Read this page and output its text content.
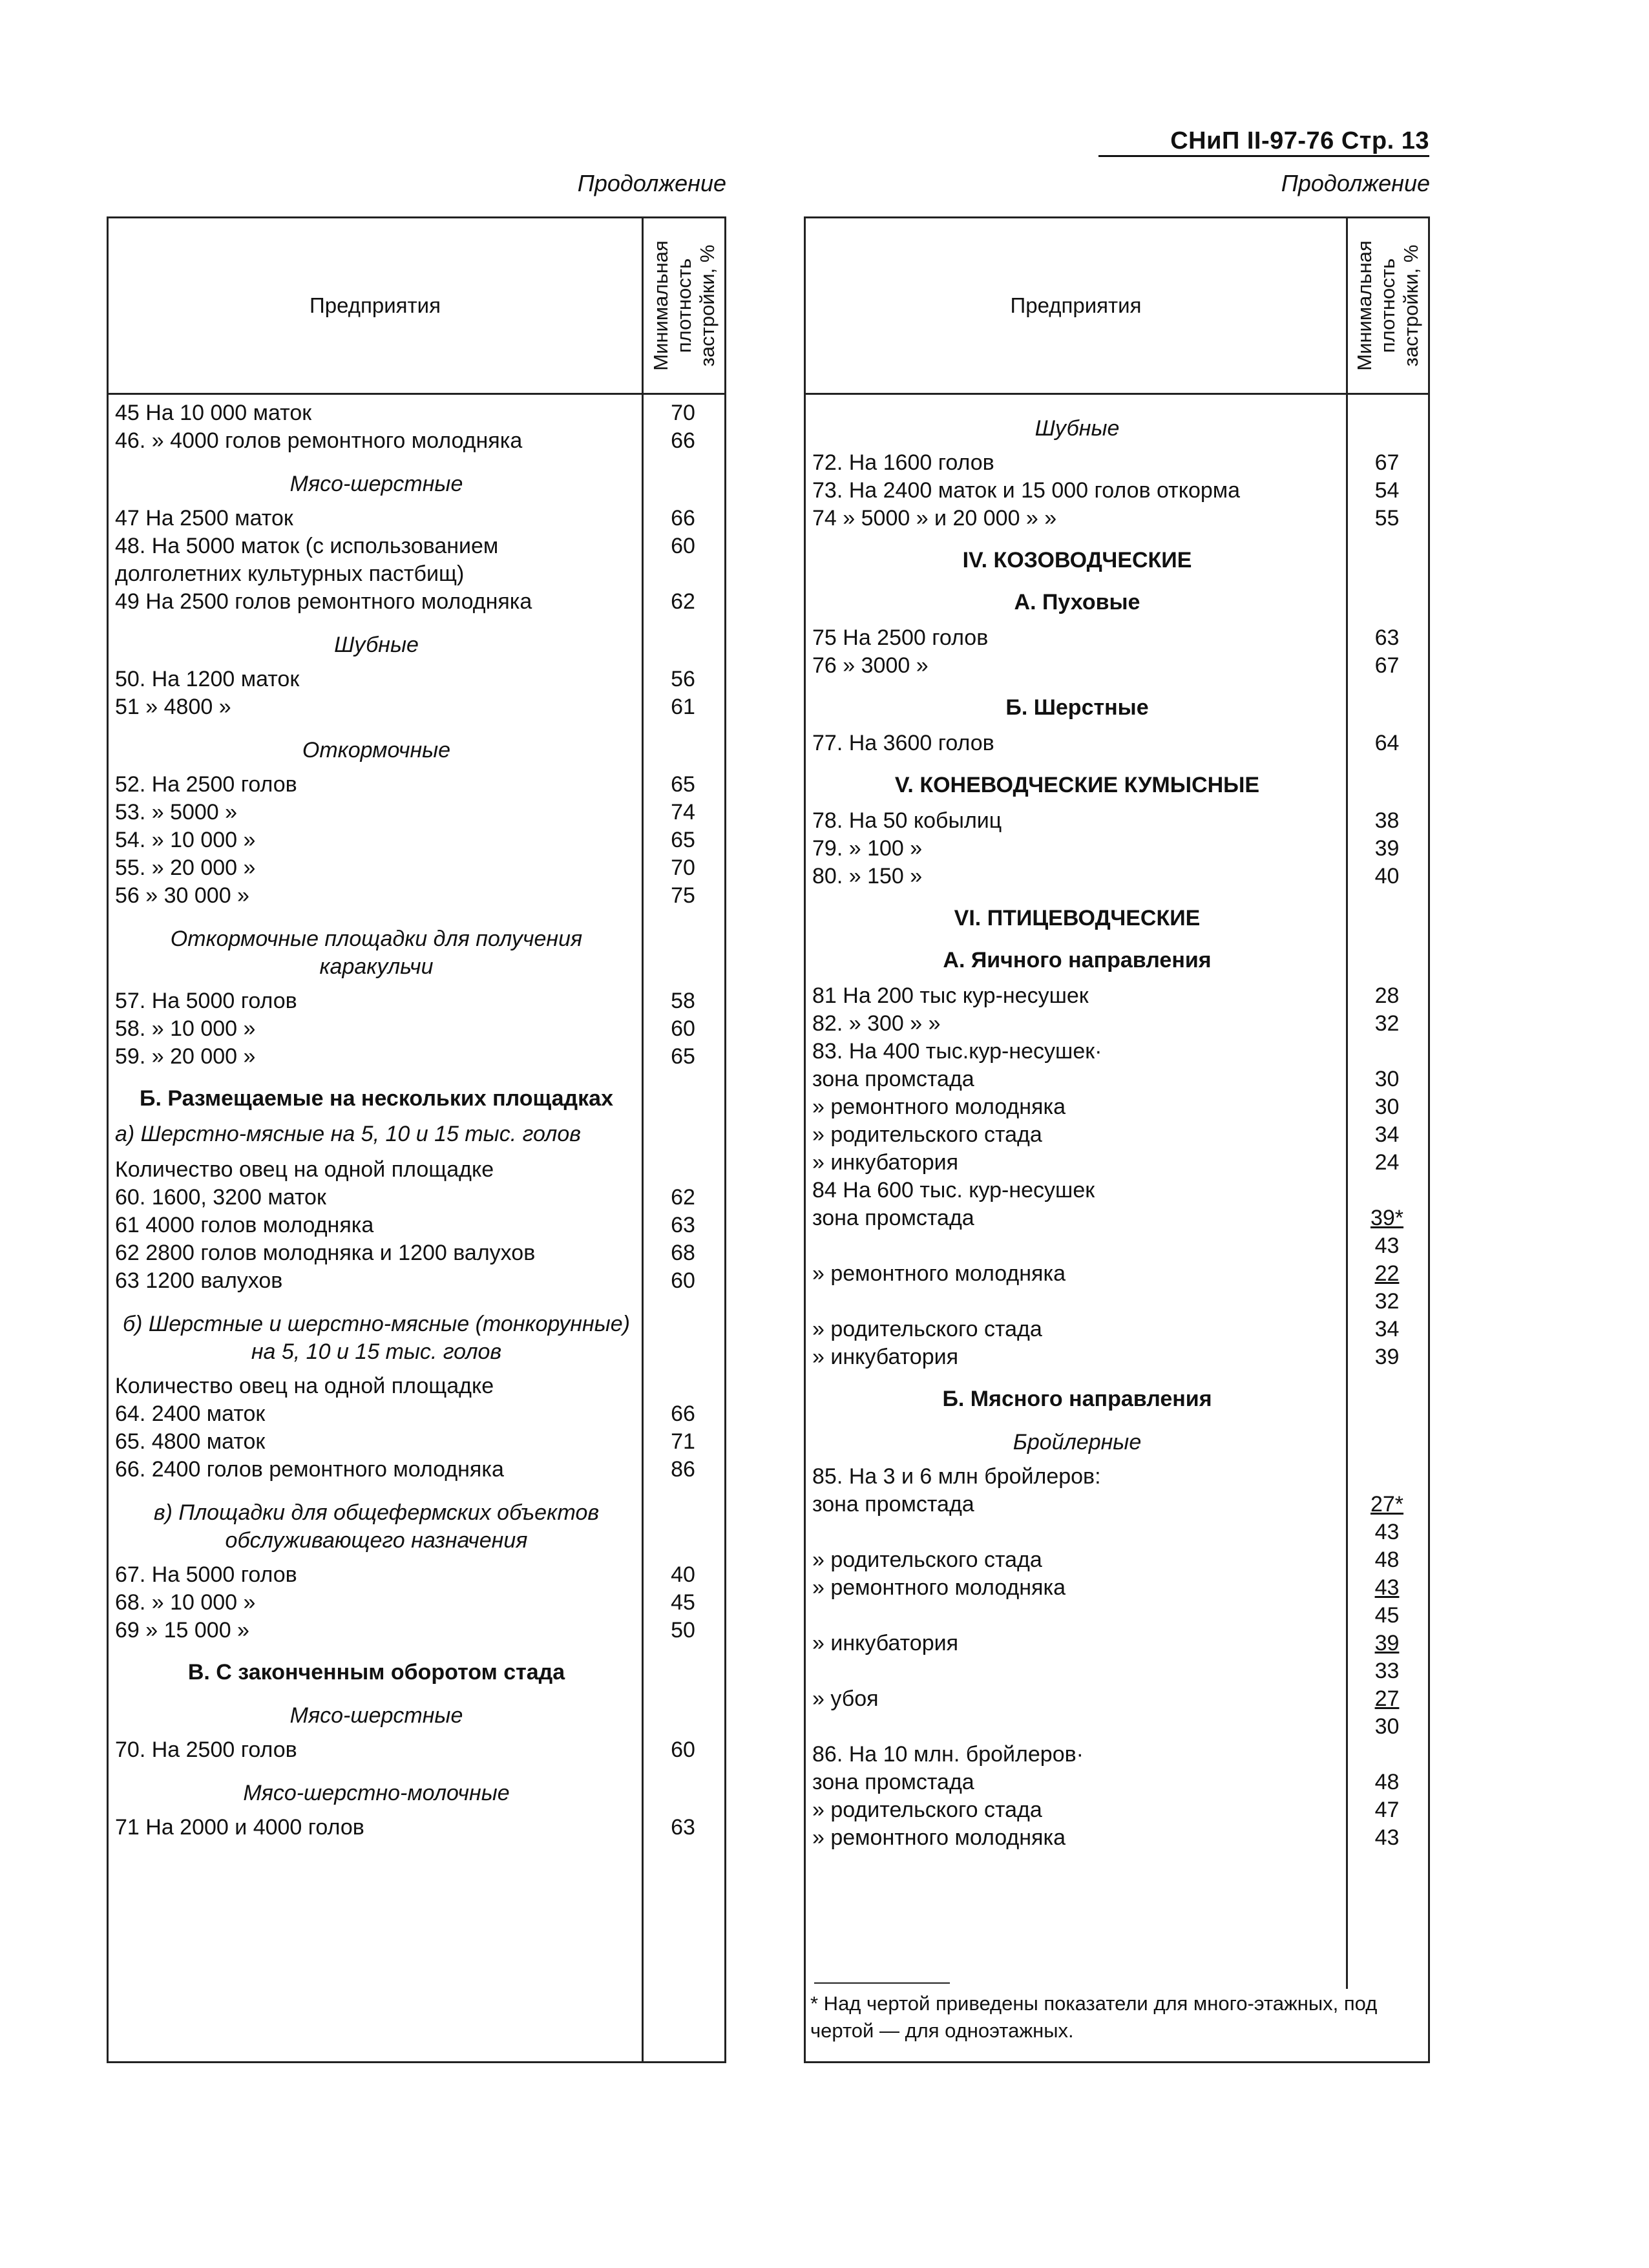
СНиП II-97-76 Стр. 13
Продолжение	Продолжение
Предприятия	Минимальная плотность застройки, %
45 На 10 000 маток	70
46. » 4000 голов ремонтного молодняка	66
Мясо-шерстные
47 На 2500 маток	66
48. На 5000 маток (с использованием	60
долголетних культурных пастбищ)
49 На 2500 голов ремонтного молодняка	62
Шубные
50. На 1200 маток	56
51 » 4800 »	61
Откормочные
52. На 2500 голов	65
53. » 5000 »	74
54. » 10 000 »	65
55. » 20 000 »	70
56 » 30 000 »	75
Откормочные площадки для получения каракульчи
57. На 5000 голов	58
58. » 10 000 »	60
59. » 20 000 »	65
Б. Размещаемые на нескольких площадках
а) Шерстно-мясные на 5, 10 и 15 тыс. голов
Количество овец на одной площадке
60. 1600, 3200 маток	62
61 4000 голов молодняка	63
62 2800 голов молодняка и 1200 валухов	68
63 1200 валухов	60
б) Шерстные и шерстно-мясные (тонкорунные) на 5, 10 и 15 тыс. голов
Количество овец на одной площадке
64. 2400 маток	66
65. 4800 маток	71
66. 2400 голов ремонтного молодняка	86
в) Площадки для общефермских объектов обслуживающего назначения
67. На 5000 голов	40
68. » 10 000 »	45
69 » 15 000 »	50
В. С законченным оборотом стада
Мясо-шерстные
70. На 2500 голов	60
Мясо-шерстно-молочные
71 На 2000 и 4000 голов	63
Предприятия	Минимальная плотность застройки, %
Шубные
72. На 1600 голов	67
73. На 2400 маток и 15 000 голов откорма	54
74 » 5000 » и 20 000 » »	55
IV. КОЗОВОДЧЕСКИЕ
А. Пуховые
75 На 2500 голов	63
76 » 3000 »	67
Б. Шерстные
77. На 3600 голов	64
V. КОНЕВОДЧЕСКИЕ КУМЫСНЫЕ
78. На 50 кобылиц	38
79. » 100 »	39
80. » 150 »	40
VI. ПТИЦЕВОДЧЕСКИЕ
А. Яичного направления
81 На 200 тыс кур-несушек	28
82. » 300 » »	32
83. На 400 тыс.кур-несушек·
зона промстада	30
» ремонтного молодняка	30
» родительского стада	34
» инкубатория	24
84 На 600 тыс. кур-несушек
зона промстада	39*
43
» ремонтного молодняка	22
32
» родительского стада	34
» инкубатория	39
Б. Мясного направления
Бройлерные
85. На 3 и 6 млн бройлеров:
зона промстада	27*
43
» родительского стада	48
» ремонтного молодняка	43
45
» инкубатория	39
33
» убоя	27
30
86. На 10 млн. бройлеров·
зона промстада	48
» родительского стада	47
» ремонтного молодняка	43
* Над чертой приведены показатели для много-этажных, под чертой — для одноэтажных.
